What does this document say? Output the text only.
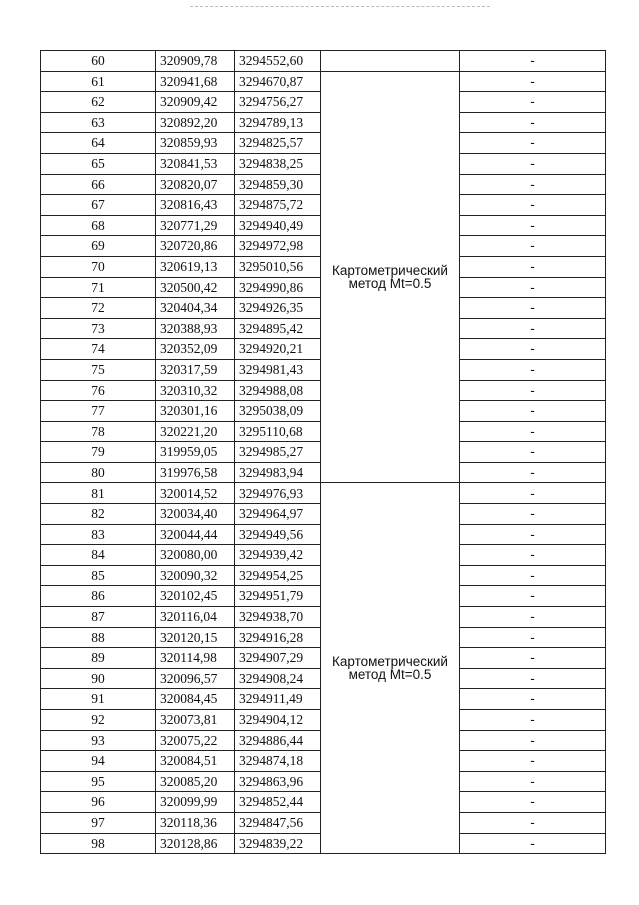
60	320909,78	3294552,60		-
61	320941,68	3294670,87	Картометрический
метод Mt=0.5	-
62	320909,42	3294756,27		-
63	320892,20	3294789,13		-
64	320859,93	3294825,57		-
65	320841,53	3294838,25		-
66	320820,07	3294859,30		-
67	320816,43	3294875,72		-
68	320771,29	3294940,49		-
69	320720,86	3294972,98		-
70	320619,13	3295010,56		-
71	320500,42	3294990,86		-
72	320404,34	3294926,35		-
73	320388,93	3294895,42		-
74	320352,09	3294920,21		-
75	320317,59	3294981,43		-
76	320310,32	3294988,08		-
77	320301,16	3295038,09		-
78	320221,20	3295110,68		-
79	319959,05	3294985,27		-
80	319976,58	3294983,94		-
81	320014,52	3294976,93	Картометрический
метод Mt=0.5	-
82	320034,40	3294964,97		-
83	320044,44	3294949,56		-
84	320080,00	3294939,42		-
85	320090,32	3294954,25		-
86	320102,45	3294951,79		-
87	320116,04	3294938,70		-
88	320120,15	3294916,28		-
89	320114,98	3294907,29		-
90	320096,57	3294908,24		-
91	320084,45	3294911,49		-
92	320073,81	3294904,12		-
93	320075,22	3294886,44		-
94	320084,51	3294874,18		-
95	320085,20	3294863,96		-
96	320099,99	3294852,44		-
97	320118,36	3294847,56		-
98	320128,86	3294839,22		-
